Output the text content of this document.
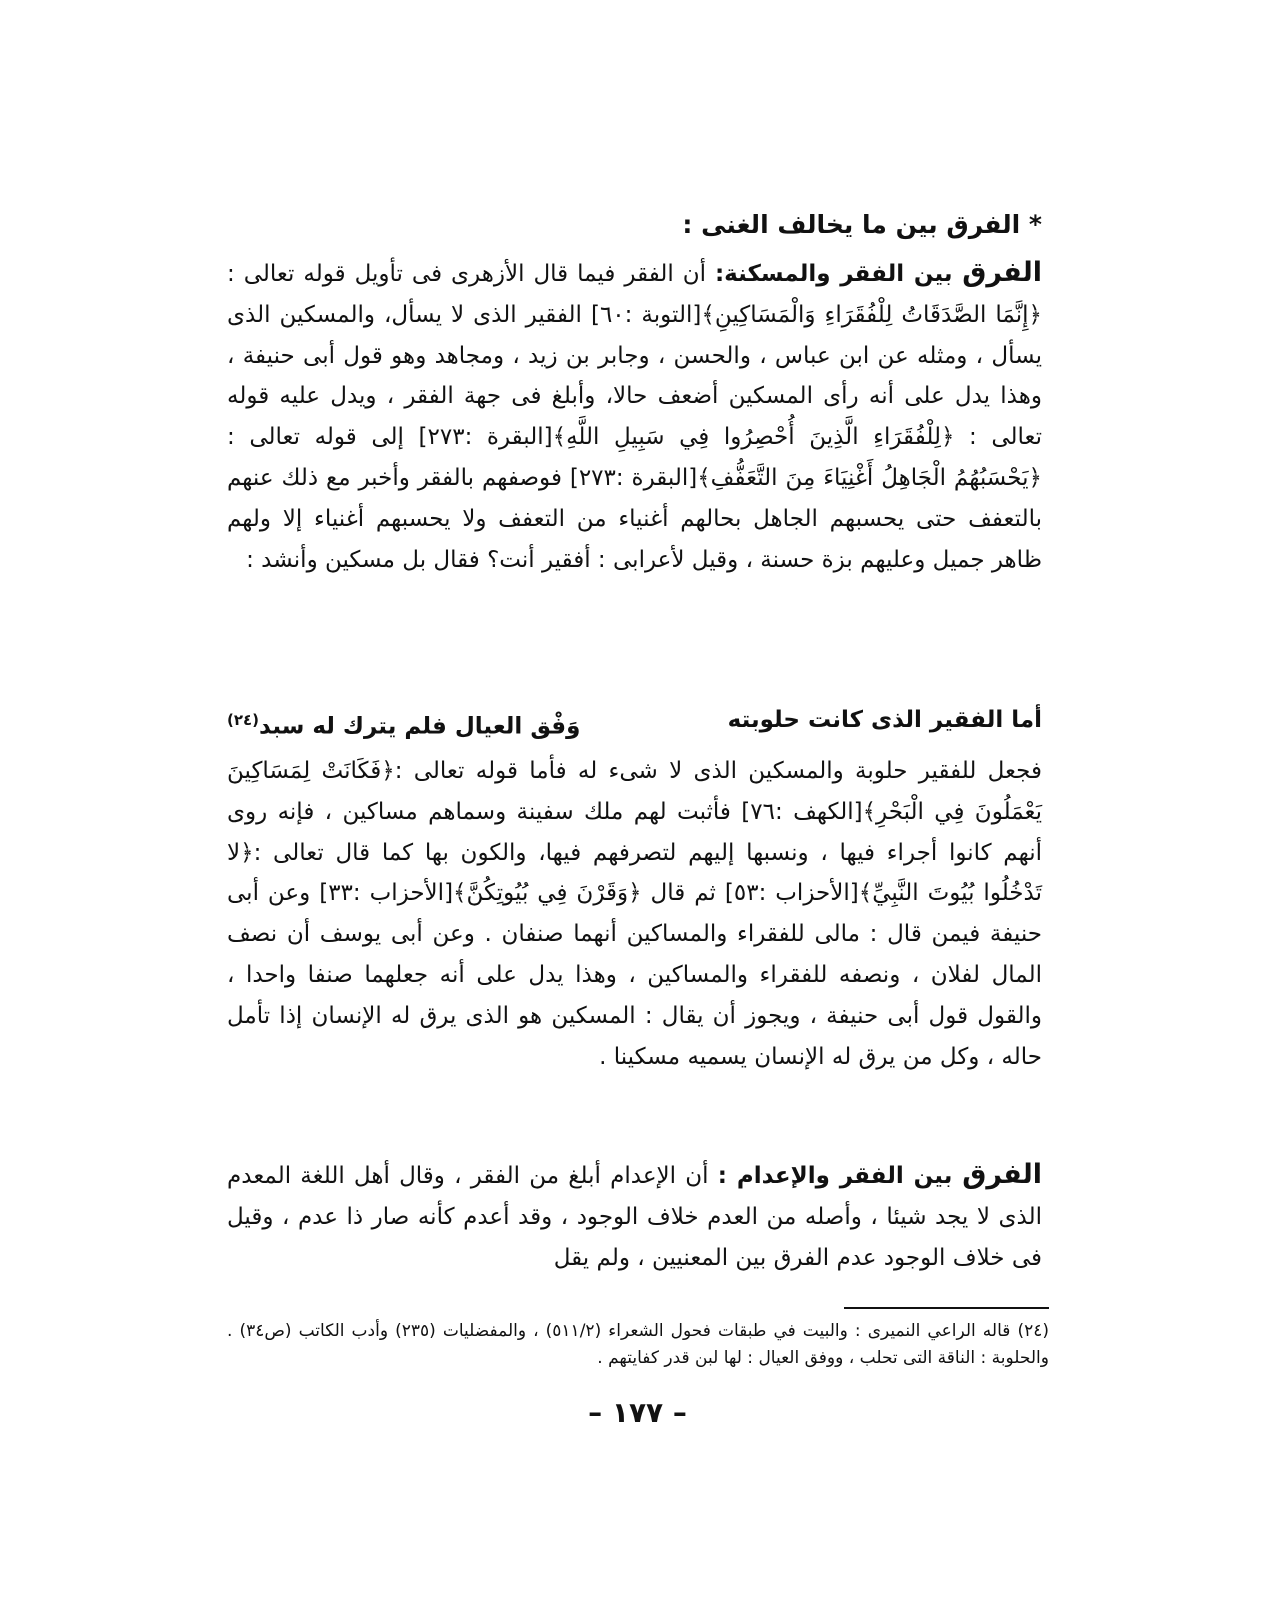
* الفرق بين ما يخالف الغنى :

الفرق بين الفقر والمسكنة: أن الفقر فيما قال الأزهرى فى تأويل قوله تعالى : ﴿إِنَّمَا الصَّدَقَاتُ لِلْفُقَرَاءِ وَالْمَسَاكِينِ﴾[التوبة :٦٠] الفقير الذى لا يسأل، والمسكين الذى يسأل ، ومثله عن ابن عباس ، والحسن ، وجابر بن زيد ، ومجاهد وهو قول أبى حنيفة ، وهذا يدل على أنه رأى المسكين أضعف حالا، وأبلغ فى جهة الفقر ، ويدل عليه قوله تعالى : ﴿لِلْفُقَرَاءِ الَّذِينَ أُحْصِرُوا فِي سَبِيلِ اللَّهِ﴾[البقرة :٢٧٣] إلى قوله تعالى : ﴿يَحْسَبُهُمُ الْجَاهِلُ أَغْنِيَاءَ مِنَ التَّعَفُّفِ﴾[البقرة :٢٧٣] فوصفهم بالفقر وأخبر مع ذلك عنهم بالتعفف حتى يحسبهم الجاهل بحالهم أغنياء من التعفف ولا يحسبهم أغنياء إلا ولهم ظاهر جميل وعليهم بزة حسنة ، وقيل لأعرابى : أفقير أنت؟ فقال بل مسكين وأنشد :

أما الفقير الذى كانت حلوبته
وَفْق العيال فلم يترك له سبد$^{(٢٤)}$

فجعل للفقير حلوبة والمسكين الذى لا شىء له فأما قوله تعالى :﴿فَكَانَتْ لِمَسَاكِينَ يَعْمَلُونَ فِي الْبَحْرِ﴾[الكهف :٧٦] فأثبت لهم ملك سفينة وسماهم مساكين ، فإنه روى أنهم كانوا أجراء فيها ، ونسبها إليهم لتصرفهم فيها، والكون بها كما قال تعالى :﴿لا تَدْخُلُوا بُيُوتَ النَّبِيِّ﴾[الأحزاب :٥٣] ثم قال ﴿وَقَرْنَ فِي بُيُوتِكُنَّ﴾[الأحزاب :٣٣] وعن أبى حنيفة فيمن قال : مالى للفقراء والمساكين أنهما صنفان . وعن أبى يوسف أن نصف المال لفلان ، ونصفه للفقراء والمساكين ، وهذا يدل على أنه جعلهما صنفا واحدا ، والقول قول أبى حنيفة ، ويجوز أن يقال : المسكين هو الذى يرق له الإنسان إذا تأمل حاله ، وكل من يرق له الإنسان يسميه مسكينا .

الفرق بين الفقر والإعدام : أن الإعدام أبلغ من الفقر ، وقال أهل اللغة المعدم الذى لا يجد شيئا ، وأصله من العدم خلاف الوجود ، وقد أعدم كأنه صار ذا عدم ، وقيل فى خلاف الوجود عدم الفرق بين المعنيين ، ولم يقل

(٢٤) قاله الراعي النميرى : والبيت في طبقات فحول الشعراء (٥١١/٢) ، والمفضليات (٢٣٥) وأدب الكاتب (ص٣٤) . والحلوبة : الناقة التى تحلب ، ووفق العيال : لها لبن قدر كفايتهم .

– ١٧٧ –
